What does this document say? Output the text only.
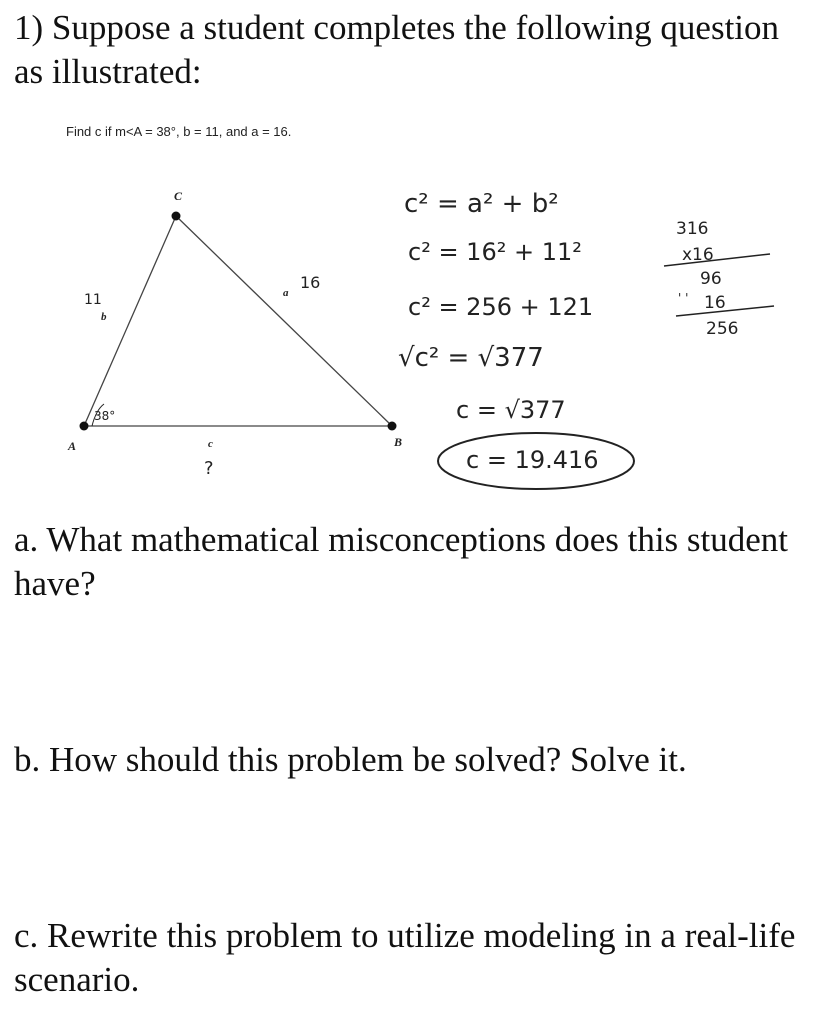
1) Suppose a student completes the following question as illustrated:
Find c if m<A = 38°, b = 11, and a = 16.
C
A	B
b
a
c
11
16
38°
?
c² = a² + b²
c² = 16² + 11²
c² = 256 + 121
√c² = √377
c = √377
c = 19.416
316
x16
96
' ' 16
256
a. What mathematical misconceptions does this student have?
b. How should this problem be solved? Solve it.
c. Rewrite this problem to utilize modeling in a real-life scenario.
